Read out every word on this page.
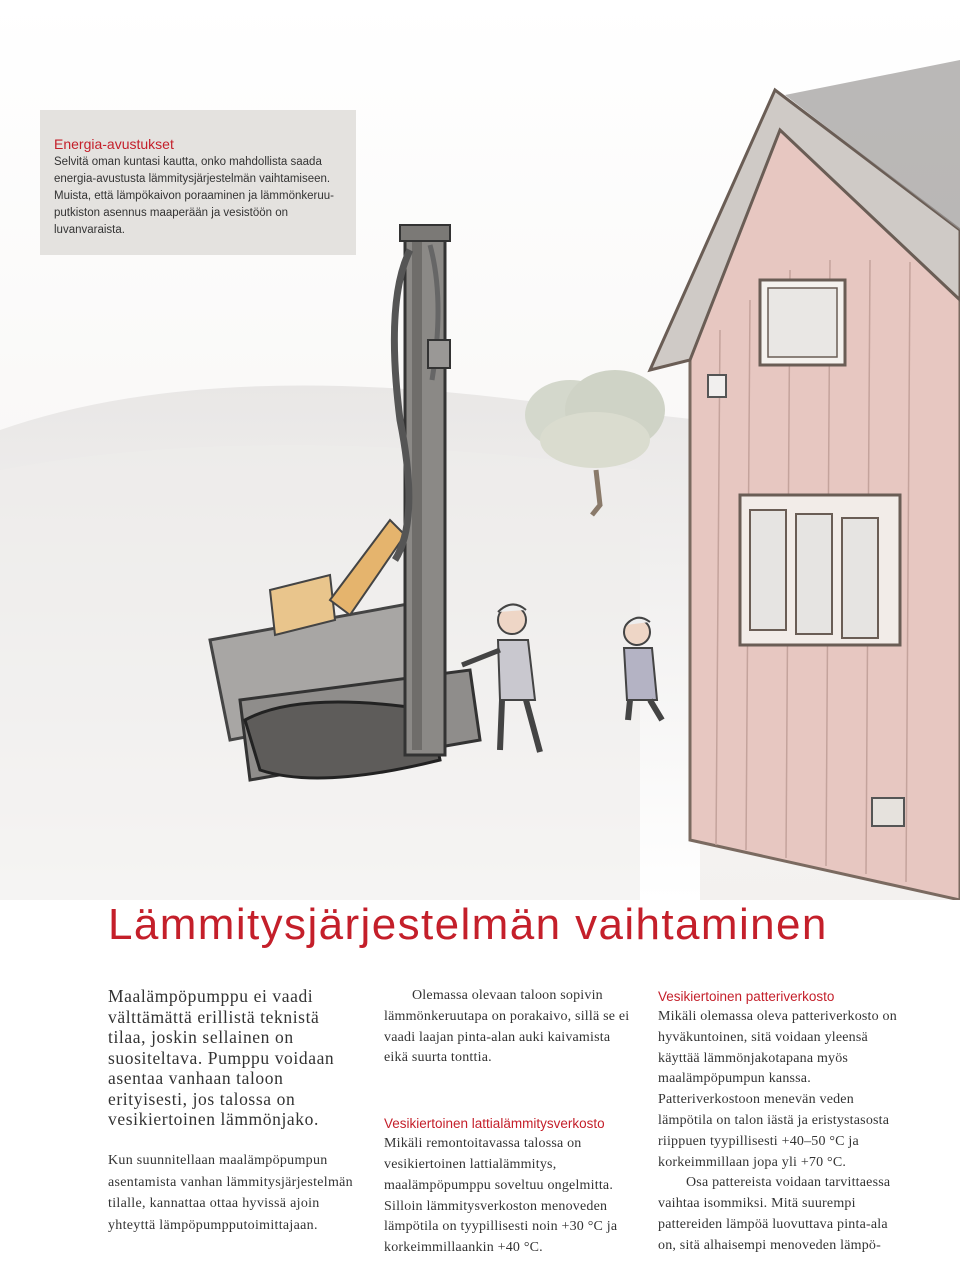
Energia-avustukset

Selvitä oman kuntasi kautta, onko mahdollista saada
energia-avustusta lämmitysjärjestelmän vaihtamiseen.
Muista, että lämpökaivon poraaminen ja lämmönkeruu-
putkiston asennus maaperään ja vesistöön on luvanvaraista.

Lämmitysjärjestelmän vaihtaminen

Maalämpöpumppu ei vaadi välttämättä erillistä teknistä tilaa, joskin sellainen on suositeltava. Pumppu voidaan asentaa vanhaan taloon erityisesti, jos talossa on vesikiertoinen lämmönjako.

Kun suunnitellaan maalämpöpumpun asentamista vanhan lämmitysjärjestelmän tilalle, kannattaa ottaa hyvissä ajoin yhteyttä lämpöpumpputoimittajaan.

Olemassa olevaan taloon sopivin lämmönkeruutapa on porakaivo, sillä se ei vaadi laajan pinta-alan auki kaivamista eikä suurta tonttia.

Vesikiertoinen lattialämmitysverkosto

Mikäli remontoitavassa talossa on vesikiertoinen lattialämmitys, maalämpöpumppu soveltuu ongelmitta. Silloin lämmitysverkoston menoveden lämpötila on tyypillisesti noin +30 °C ja korkeimmillaankin +40 °C.

Vesikiertoinen patteriverkosto

Mikäli olemassa oleva patteriverkosto on hyväkuntoinen, sitä voidaan yleensä käyttää lämmönjakotapana myös maalämpöpumpun kanssa. Patteriverkostoon menevän veden lämpötila on talon iästä ja eristystasosta riippuen tyypillisesti +40–50 °C ja korkeimmillaan jopa yli +70 °C.

Osa pattereista voidaan tarvittaessa vaihtaa isommiksi. Mitä suurempi pattereiden lämpöä luovuttava pinta-ala on, sitä alhaisempi menoveden lämpö-
